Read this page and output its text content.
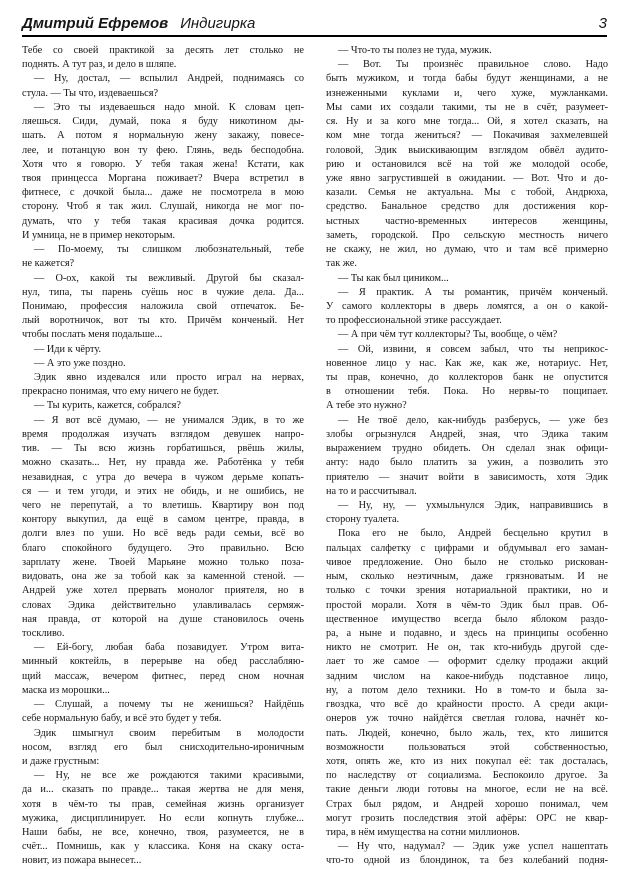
Дмитрий Ефремов Индигирка	3
Тебе со своей практикой за десять лет столько не
поднять. А тут раз, и дело в шляпе.
— Ну, достал, — вспылил Андрей, поднимаясь со
стула. — Ты что, издеваешься?
— Это ты издеваешься надо мной. К словам цеп-
ляешься. Сиди, думай, пока я буду никотином ды-
шать. А потом я нормальную жену закажу, повесе-
лее, и потанцую вон ту фею. Глянь, ведь бесподобна.
Хотя что я говорю. У тебя такая жена! Кстати, как
твоя принцесса Моргана поживает? Вчера встретил в
фитнесе, с дочкой была... даже не посмотрела в мою
сторону. Чтоб я так жил. Слушай, никогда не мог по-
думать, что у тебя такая красивая дочка родится.
И умница, не в пример некоторым.
— По-моему, ты слишком любознательный, тебе
не кажется?
— О-ох, какой ты вежливый. Другой бы сказал-
нул, типа, ты парень суёшь нос в чужие дела. Да...
Понимаю, профессия наложила свой отпечаток. Бе-
лый воротничок, вот ты кто. Причём конченый. Нет
чтобы послать меня подальше...
— Иди к чёрту.
— А это уже поздно.
Эдик явно издевался или просто играл на нервах,
прекрасно понимая, что ему ничего не будет.
— Ты курить, кажется, собрался?
— Я вот всё думаю, — не унимался Эдик, в то же
время продолжая изучать взглядом девушек напро-
тив. — Ты всю жизнь горбатишься, рвёшь жилы,
можно сказать... Нет, ну правда же. Работёнка у тебя
незавидная, с утра до вечера в чужом дерьме копать-
ся — и тем угоди, и этих не обидь, и не ошибись, не
чего не перепутай, а то влетишь. Квартиру вон под
контору выкупил, да ещё в самом центре, правда, в
долги влез по уши. Но всё ведь ради семьи, всё во
благо спокойного будущего. Это правильно. Всю
зарплату жене. Твоей Марьяне можно только поза-
видовать, она же за тобой как за каменной стеной. —
Андрей уже хотел прервать монолог приятеля, но в
словах Эдика действительно улавливалась сермяж-
ная правда, от которой на душе становилось очень
тоскливо.
— Ей-богу, любая баба позавидует. Утром вита-
минный коктейль, в перерыве на обед расслабляю-
щий массаж, вечером фитнес, перед сном ночная
маска из морошки...
— Слушай, а почему ты не женишься? Найдёшь
себе нормальную бабу, и всё это будет у тебя.
Эдик шмыгнул своим перебитым в молодости
носом, взгляд его был снисходительно-ироничным
и даже грустным:
— Ну, не все же рождаются такими красивыми,
да и... сказать по правде... такая жертва не для меня,
хотя в чём-то ты прав, семейная жизнь организует
мужика, дисциплинирует. Но если копнуть глубже...
Наши бабы, не все, конечно, твоя, разумеется, не в
счёт... Помнишь, как у классика. Коня на скаку оста-
новит, из пожара вынесет...
— Что-то ты полез не туда, мужик.
— Вот. Ты произнёс правильное слово. Надо
быть мужиком, и тогда бабы будут женщинами, а не
изнеженными куклами и, чего хуже, мужланками.
Мы сами их создали такими, ты не в счёт, разумеет-
ся. Ну и за кого мне тогда... Ой, я хотел сказать, на
ком мне тогда жениться? — Покачивая захмелевшей
головой, Эдик выискивающим взглядом обвёл аудито-
рию и остановился всё на той же молодой особе,
уже явно загрустившей в ожидании. — Вот. Что и до-
казали. Семья не актуальна. Мы с тобой, Андрюха,
средство. Банальное средство для достижения кор-
ыстных частно-временных интересов женщины,
заметь, городской. Про сельскую местность ничего
не скажу, не жил, но думаю, что и там всё примерно
так же.
— Ты как был циником...
— Я практик. А ты романтик, причём конченый.
У самого коллекторы в дверь ломятся, а он о какой-
то профессиональной этике рассуждает.
— А при чём тут коллекторы? Ты, вообще, о чём?
— Ой, извини, я совсем забыл, что ты неприкос-
новенное лицо у нас. Как же, как же, нотариус. Нет,
ты прав, конечно, до коллекторов банк не опустится
в отношении тебя. Пока. Но нервы-то пощипает.
А тебе это нужно?
— Не твоё дело, как-нибудь разберусь, — уже без
злобы огрызнулся Андрей, зная, что Эдика таким
выражением трудно обидеть. Он сделал знак офици-
анту: надо было платить за ужин, а позволить это
приятелю — значит войти в зависимость, хотя Эдик
на то и рассчитывал.
— Ну, ну, — ухмыльнулся Эдик, направившись в
сторону туалета.
Пока его не было, Андрей бесцельно крутил в
пальцах салфетку с цифрами и обдумывал его заман-
чивое предложение. Оно было не столько рискован-
ным, сколько неэтичным, даже грязноватым. И не
только с точки зрения нотариальной практики, но и
простой морали. Хотя в чём-то Эдик был прав. Об-
щественное имущество всегда было яблоком раздо-
ра, а ныне и подавно, и здесь на принципы особенно
никто не смотрит. Не он, так кто-нибудь другой сде-
лает то же самое — оформит сделку продажи акций
задним числом на какое-нибудь подставное лицо,
ну, а потом дело техники. Но в том-то и была за-
гвоздка, что всё до крайности просто. А среди акци-
онеров уж точно найдётся светлая голова, начнёт ко-
пать. Людей, конечно, было жаль, тех, кто лишится
возможности пользоваться этой собственностью,
хотя, опять же, кто из них покупал её: так досталась,
по наследству от социализма. Беспокоило другое. За
такие деньги люди готовы на многое, если не на всё.
Страх был рядом, и Андрей хорошо понимал, чем
могут грозить последствия этой афёры: ОРС не квар-
тира, в нём имущества на сотни миллионов.
— Ну что, надумал? — Эдик уже успел нашептать
что-то одной из блондинок, та без колебаний подня-
